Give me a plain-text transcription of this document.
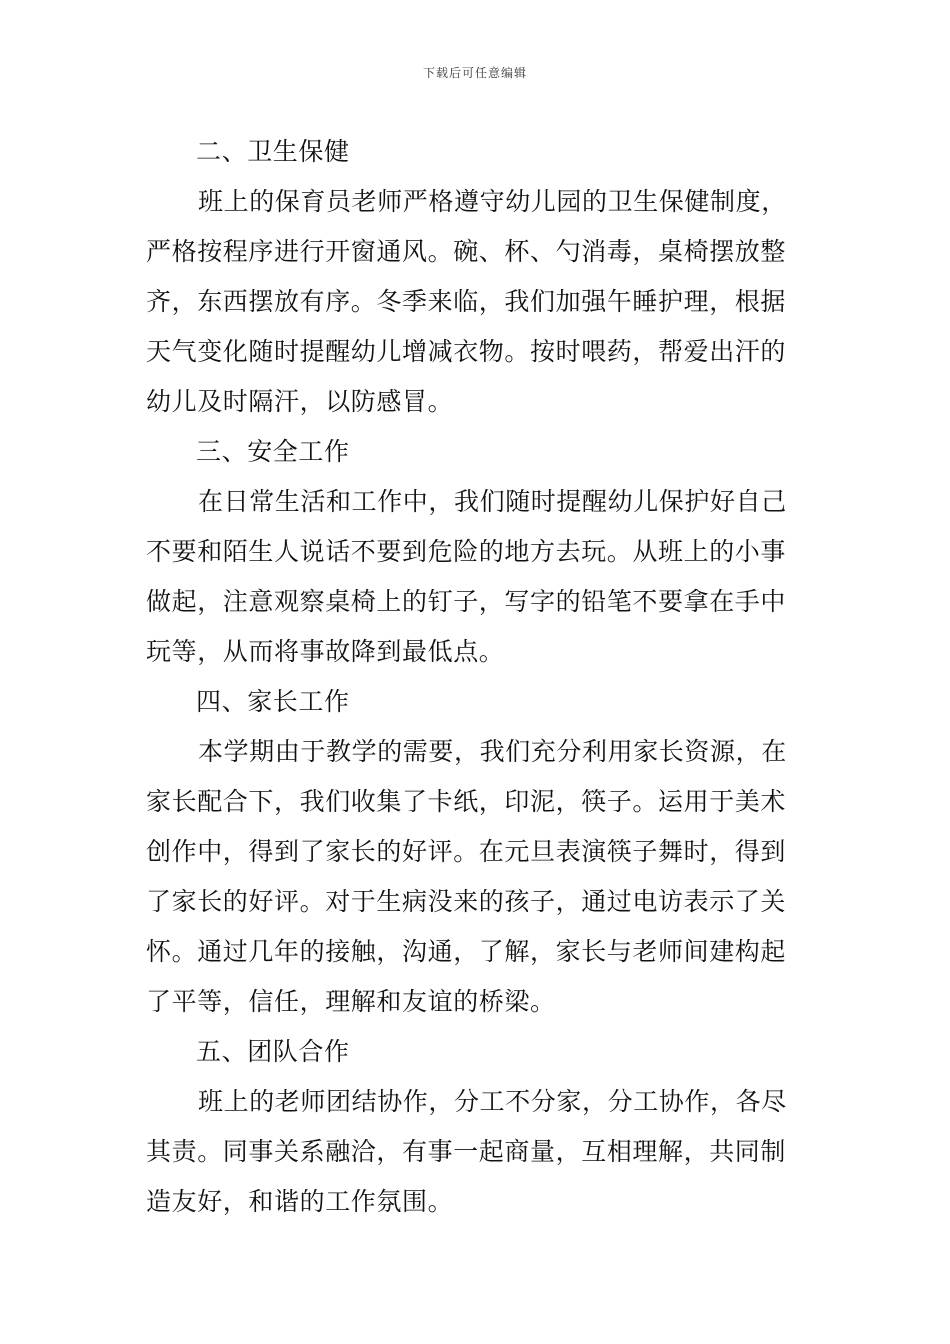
下载后可任意编辑
二、卫生保健
班上的保育员老师严格遵守幼儿园的卫生保健制度，
严格按程序进行开窗通风。碗、杯、勺消毒，桌椅摆放整
齐，东西摆放有序。冬季来临，我们加强午睡护理，根据
天气变化随时提醒幼儿增减衣物。按时喂药，帮爱出汗的
幼儿及时隔汗，以防感冒。
三、安全工作
在日常生活和工作中，我们随时提醒幼儿保护好自己
不要和陌生人说话不要到危险的地方去玩。从班上的小事
做起，注意观察桌椅上的钉子，写字的铅笔不要拿在手中
玩等，从而将事故降到最低点。
四、家长工作
本学期由于教学的需要，我们充分利用家长资源，在
家长配合下，我们收集了卡纸，印泥，筷子。运用于美术
创作中，得到了家长的好评。在元旦表演筷子舞时，得到
了家长的好评。对于生病没来的孩子，通过电访表示了关
怀。通过几年的接触，沟通，了解，家长与老师间建构起
了平等，信任，理解和友谊的桥梁。
五、团队合作
班上的老师团结协作，分工不分家，分工协作，各尽
其责。同事关系融洽，有事一起商量，互相理解，共同制
造友好，和谐的工作氛围。
